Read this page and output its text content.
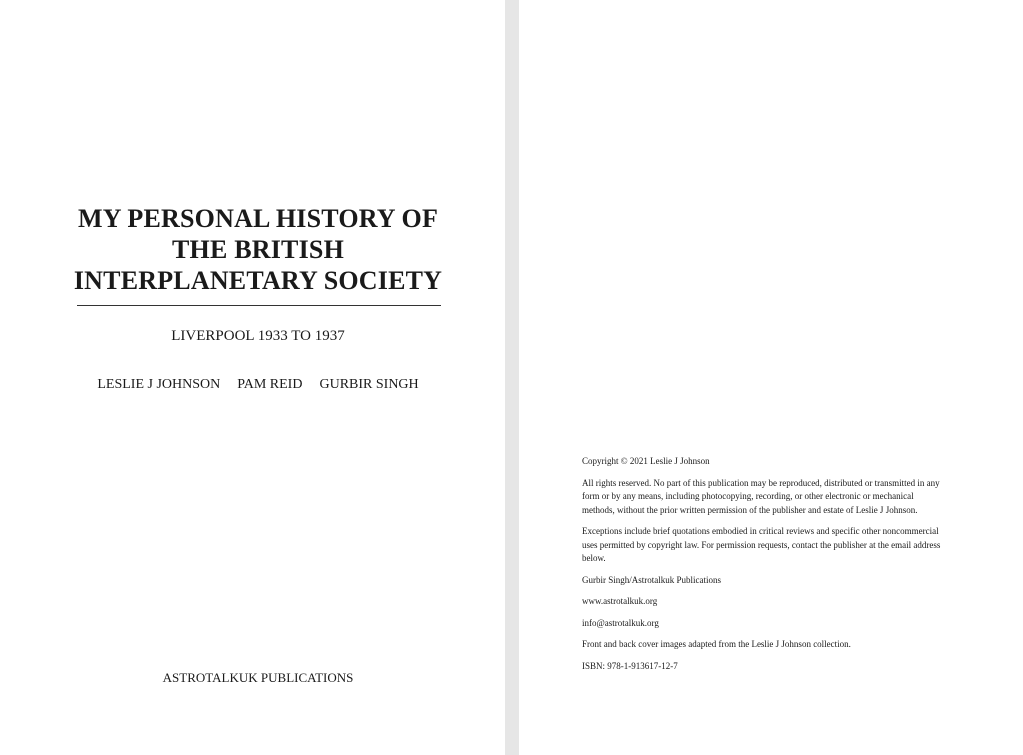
MY PERSONAL HISTORY OF
THE BRITISH
INTERPLANETARY SOCIETY

LIVERPOOL 1933 TO 1937

LESLIE J JOHNSON PAM REID GURBIR SINGH
ASTROTALKUK PUBLICATIONS

Copyright © 2021 Leslie J Johnson

All rights reserved. No part of this publication may be reproduced, distributed or transmitted in any form or by any means, including photocopying, recording, or other electronic or mechanical methods, without the prior written permission of the publisher and estate of Leslie J Johnson.

Exceptions include brief quotations embodied in critical reviews and specific other noncommercial uses permitted by copyright law. For permission requests, contact the publisher at the email address below.

Gurbir Singh/Astrotalkuk Publications

www.astrotalkuk.org

info@astrotalkuk.org

Front and back cover images adapted from the Leslie J Johnson collection.

ISBN: 978-1-913617-12-7
